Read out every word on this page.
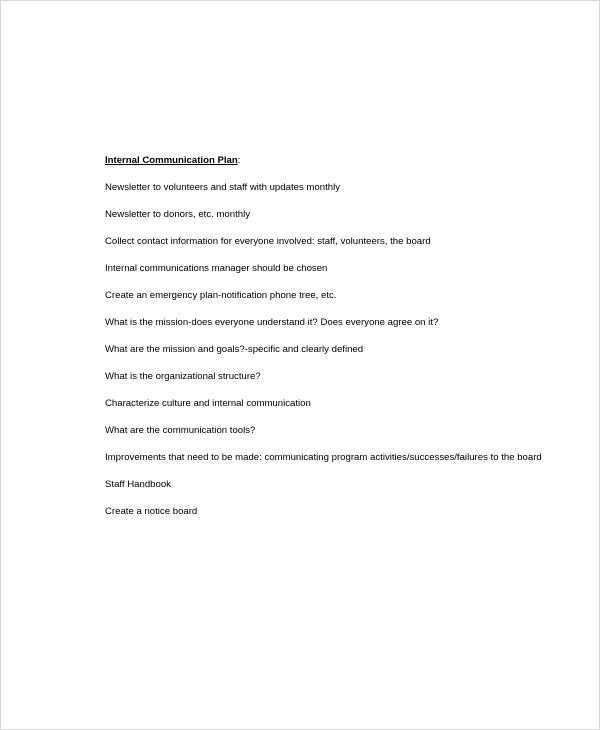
Internal Communication Plan:

Newsletter to volunteers and staff with updates monthly
Newsletter to donors, etc. monthly
Collect contact information for everyone involved: staff, volunteers, the board
Internal communications manager should be chosen
Create an emergency plan-notification phone tree, etc.
What is the mission-does everyone understand it? Does everyone agree on it?
What are the mission and goals?-specific and clearly defined
What is the organizational structure?
Characterize culture and internal communication
What are the communication tools?
Improvements that need to be made: communicating program activities/successes/failures to the board
Staff Handbook
Create a notice board
